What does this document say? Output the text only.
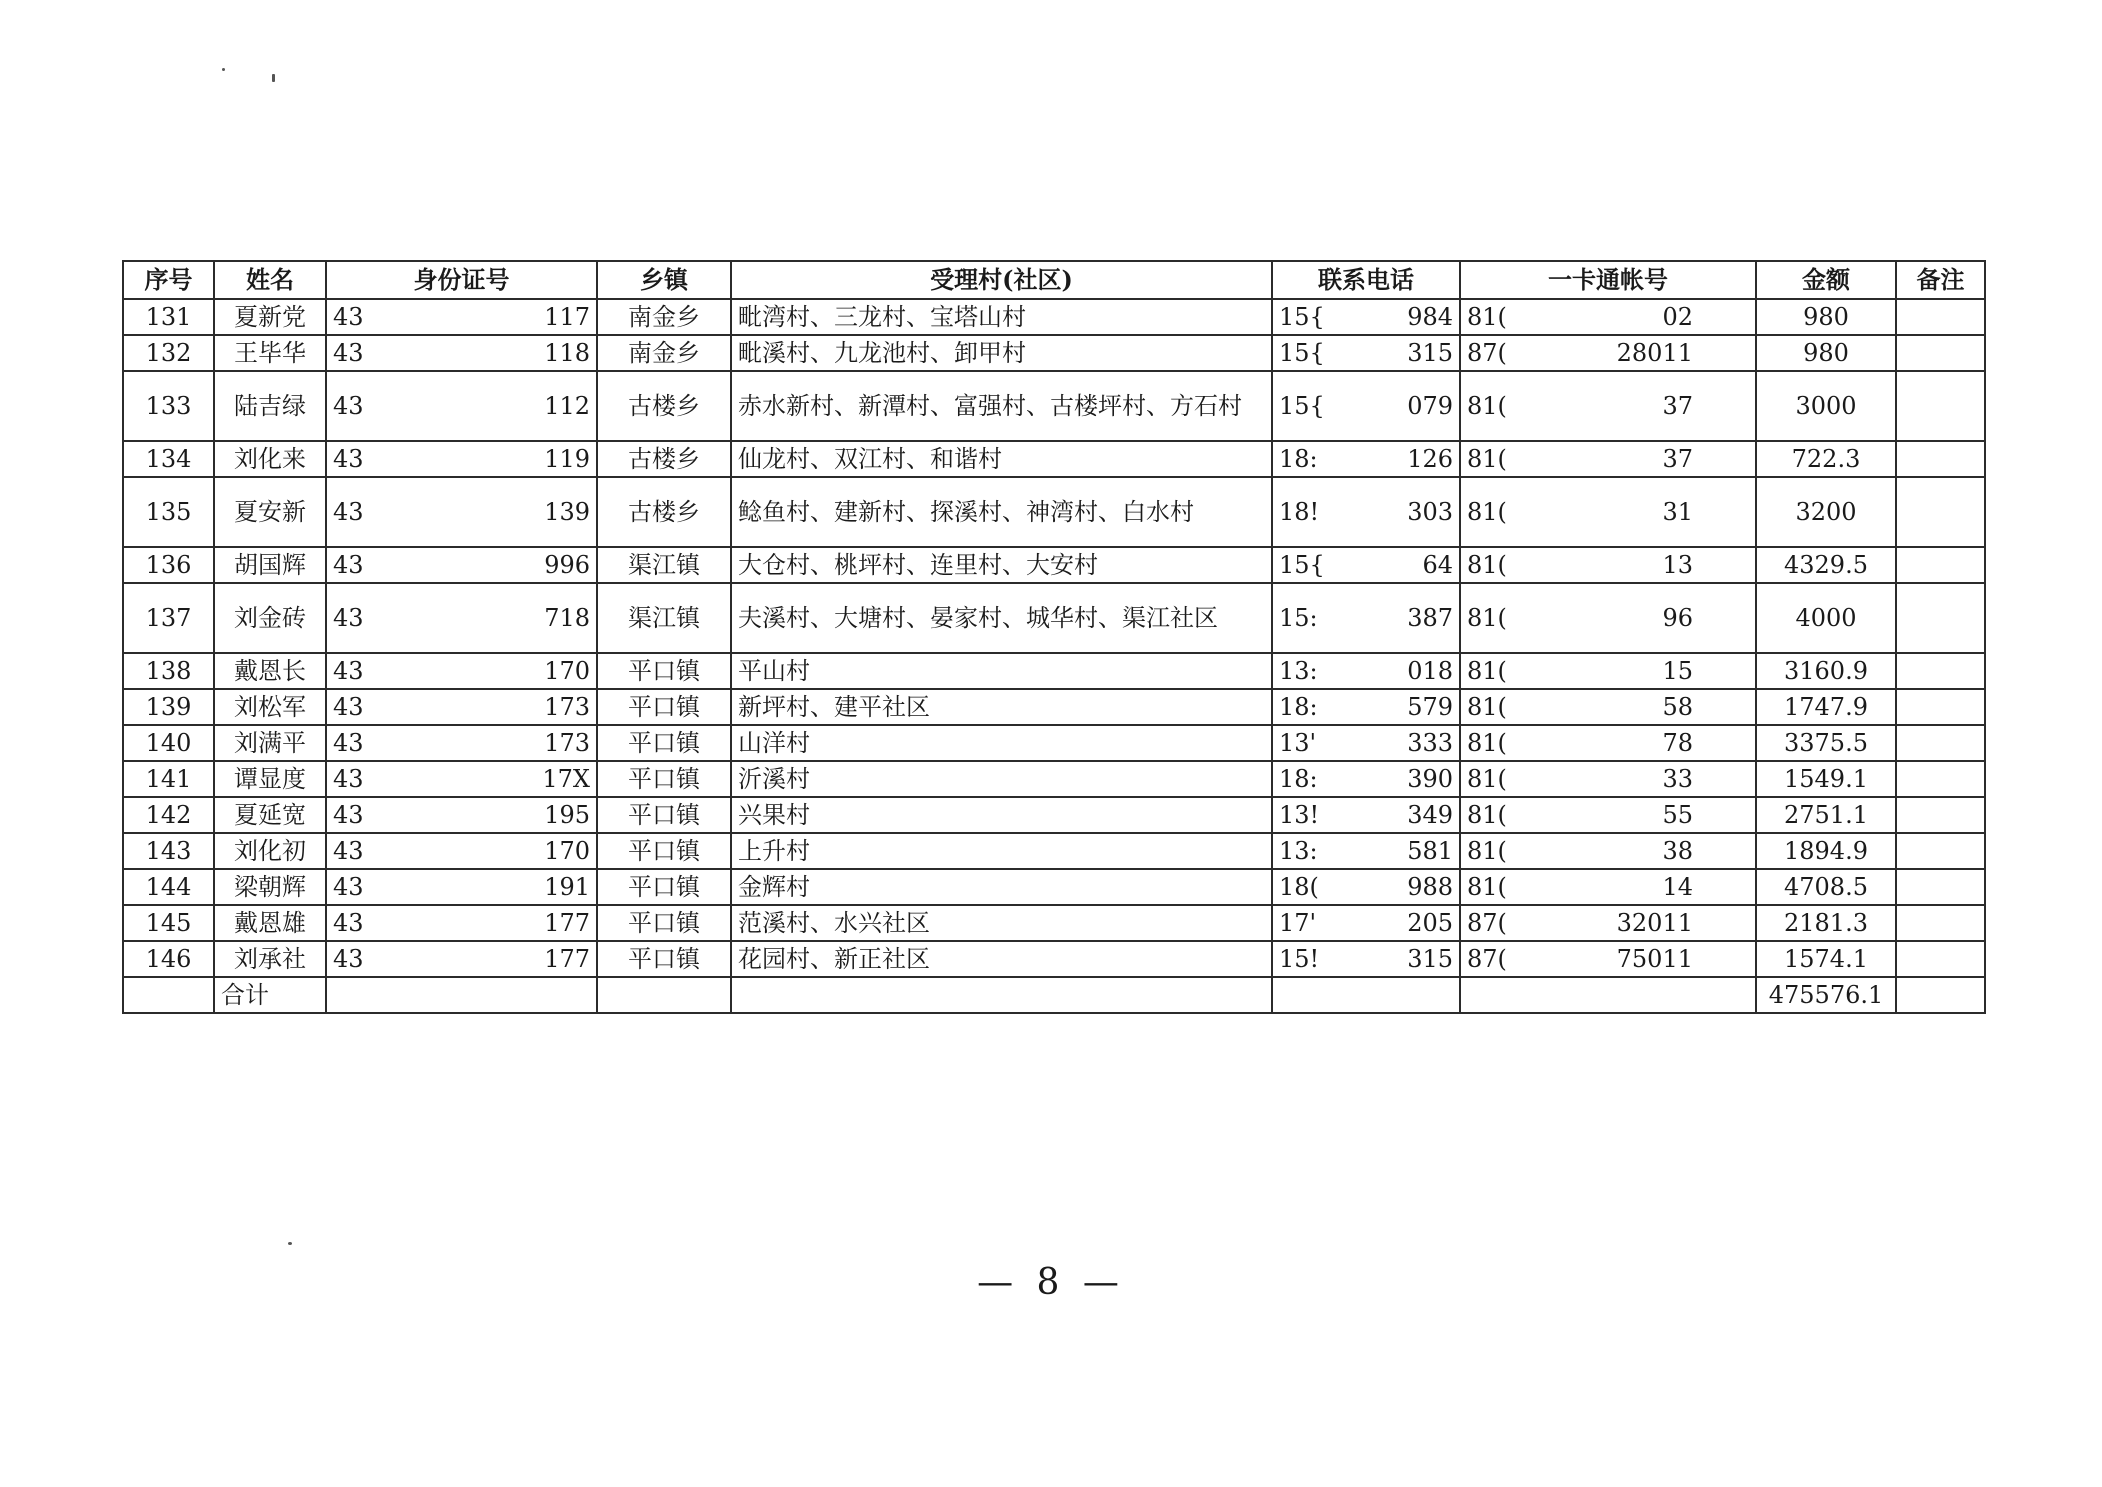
序号	姓名	身份证号	乡镇	受理村(社区)	联系电话	一卡通帐号	金额	备注
131	夏新党	43 117	南金乡	毗湾村、三龙村、宝塔山村	15{ 984	81( 02	980	
132	王毕华	43 118	南金乡	毗溪村、九龙池村、卸甲村	15{ 315	87( 28011	980	
133	陆吉绿	43 112	古楼乡	赤水新村、新潭村、富强村、古楼坪村、方石村	15{ 079	81( 37	3000	
134	刘化来	43 119	古楼乡	仙龙村、双江村、和谐村	18: 126	81( 37	722.3	
135	夏安新	43 139	古楼乡	鲶鱼村、建新村、探溪村、神湾村、白水村	18! 303	81( 31	3200	
136	胡国辉	43 996	渠江镇	大仓村、桃坪村、连里村、大安村	15{ 64	81( 13	4329.5	
137	刘金砖	43 718	渠江镇	夫溪村、大塘村、晏家村、城华村、渠江社区	15: 387	81( 96	4000	
138	戴恩长	43 170	平口镇	平山村	13: 018	81( 15	3160.9	
139	刘松军	43 173	平口镇	新坪村、建平社区	18: 579	81( 58	1747.9	
140	刘满平	43 173	平口镇	山洋村	13' 333	81( 78	3375.5	
141	谭显度	43 17X	平口镇	沂溪村	18: 390	81( 33	1549.1	
142	夏延宽	43 195	平口镇	兴果村	13! 349	81( 55	2751.1	
143	刘化初	43 170	平口镇	上升村	13: 581	81( 38	1894.9	
144	梁朝辉	43 191	平口镇	金辉村	18( 988	81( 14	4708.5	
145	戴恩雄	43 177	平口镇	范溪村、水兴社区	17' 205	87( 32011	2181.3	
146	刘承社	43 177	平口镇	花园村、新正社区	15! 315	87( 75011	1574.1	
	合计						475576.1	
— 8 —
